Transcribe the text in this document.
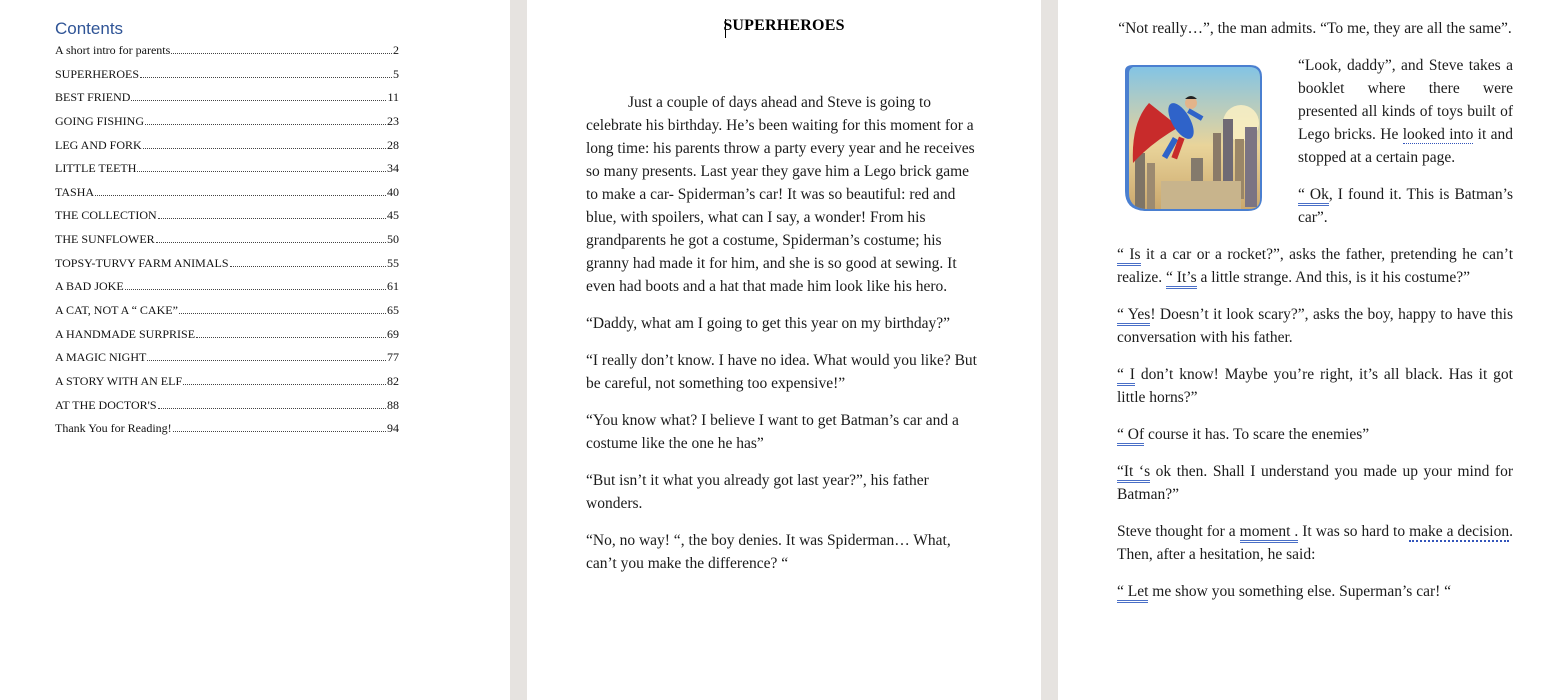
Contents
A short intro for parents	2
SUPERHEROES	5
BEST FRIEND	11
GOING FISHING	23
LEG AND FORK	28
LITTLE TEETH	34
TASHA	40
THE COLLECTION	45
THE SUNFLOWER	50
TOPSY-TURVY FARM ANIMALS	55
A BAD JOKE	61
A CAT, NOT A “ CAKE”	65
A HANDMADE SURPRISE	69
A MAGIC NIGHT	77
A STORY WITH AN ELF	82
AT THE DOCTOR'S	88
Thank You for Reading!	94
SUPERHEROES

Just a couple of days ahead and Steve is going to celebrate his birthday. He’s been waiting for this moment for a long time: his parents throw a party every year and he receives so many presents. Last year they gave him a Lego brick game to make a car- Spiderman’s car! It was so beautiful: red and blue, with spoilers, what can I say, a wonder! From his grandparents he got a costume, Spiderman’s costume; his granny had made it for him, and she is so good at sewing. It even had boots and a hat that made him look like his hero.

“Daddy, what am I going to get this year on my birthday?”

“I really don’t know. I have no idea. What would you like? But be careful, not something too expensive!”

“You know what? I believe I want to get Batman’s car and a costume like the one he has”

“But isn’t it what you already got last year?”, his father wonders.

“No, no way! “, the boy denies. It was Spiderman… What, can’t you make the difference? “

“Not really…”, the man admits. “To me, they are all the same”.

“Look, daddy”, and Steve takes a booklet where there were presented all kinds of toys built of Lego bricks. He looked into it and stopped at a certain page.

“ Ok, I found it. This is Batman’s car”.

“ Is it a car or a rocket?”, asks the father, pretending he can’t realize. “ It’s a little strange. And this, is it his costume?”

“ Yes! Doesn’t it look scary?”, asks the boy, happy to have this conversation with his father.

“ I don’t know! Maybe you’re right, it’s all black. Has it got little horns?”

“ Of course it has. To scare the enemies”

“It ‘s ok then. Shall I understand you made up your mind for Batman?”

Steve thought for a moment . It was so hard to make a decision. Then, after a hesitation, he said:

“ Let me show you something else. Superman’s car! “
